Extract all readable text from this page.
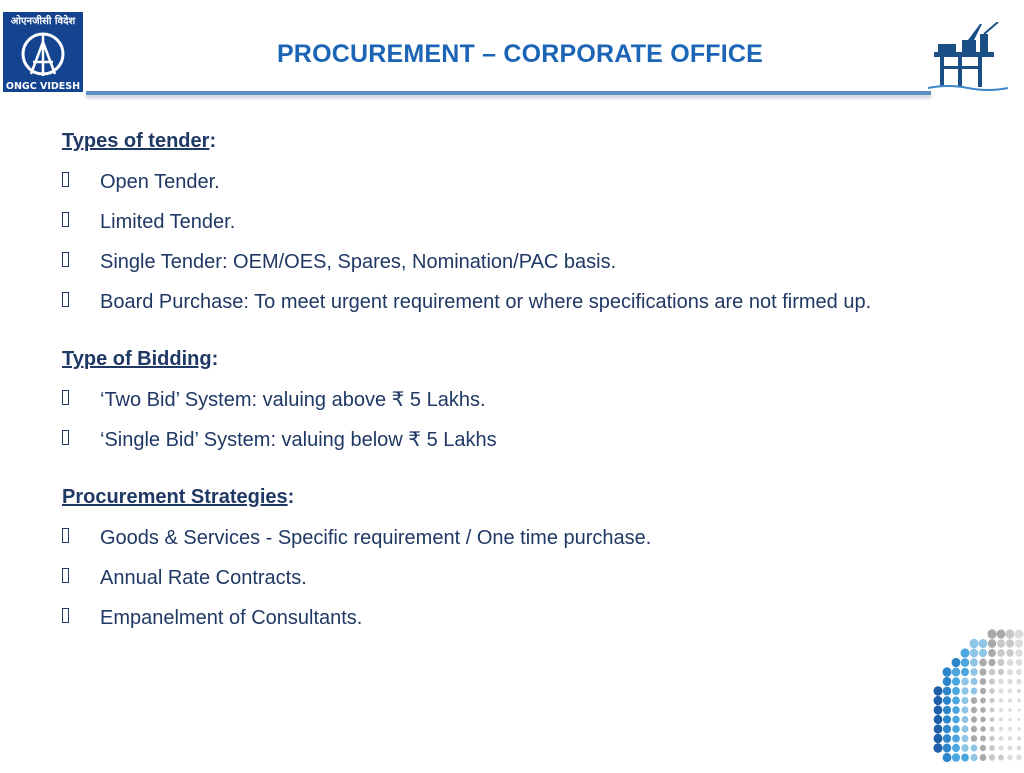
ओएनजीसी विदेश
ONGC VIDESH
PROCUREMENT – CORPORATE OFFICE
Types of tender:
Open Tender.
Limited Tender.
Single Tender: OEM/OES, Spares, Nomination/PAC basis.
Board Purchase: To meet urgent requirement or where specifications are not firmed up.
Type of Bidding:
‘Two Bid’ System: valuing above ₹ 5 Lakhs.
‘Single Bid’ System: valuing below ₹ 5 Lakhs
Procurement Strategies:
Goods & Services - Specific requirement / One time purchase.
Annual Rate Contracts.
Empanelment of Consultants.
